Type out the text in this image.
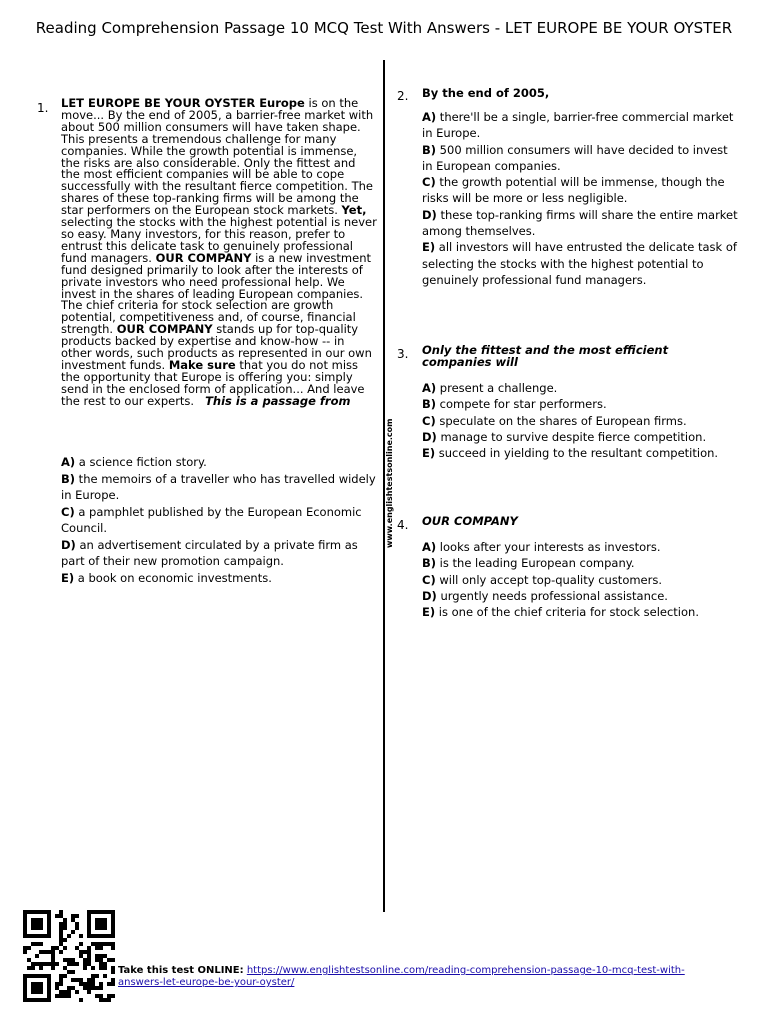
Reading Comprehension Passage 10 MCQ Test With Answers - LET EUROPE BE YOUR OYSTER
www.englishtestsonline.com
1. LET EUROPE BE YOUR OYSTER Europe is on the move... By the end of 2005, a barrier-free market with about 500 million consumers will have taken shape. This presents a tremendous challenge for many companies. While the growth potential is immense, the risks are also considerable. Only the fittest and the most efficient companies will be able to cope successfully with the resultant fierce competition. The shares of these top-ranking firms will be among the star performers on the European stock markets. Yet, selecting the stocks with the highest potential is never so easy. Many investors, for this reason, prefer to entrust this delicate task to genuinely professional fund managers. OUR COMPANY is a new investment fund designed primarily to look after the interests of private investors who need professional help. We invest in the shares of leading European companies. The chief criteria for stock selection are growth potential, competitiveness and, of course, financial strength. OUR COMPANY stands up for top-quality products backed by expertise and know-how -- in other words, such products as represented in our own investment funds. Make sure that you do not miss the opportunity that Europe is offering you: simply send in the enclosed form of application... And leave the rest to our experts. This is a passage from

A) a science fiction story.

B) the memoirs of a traveller who has travelled widely in Europe.

C) a pamphlet published by the European Economic Council.

D) an advertisement circulated by a private firm as part of their new promotion campaign.

E) a book on economic investments.

2. By the end of 2005,

A) there'll be a single, barrier-free commercial market in Europe.

B) 500 million consumers will have decided to invest in European companies.

C) the growth potential will be immense, though the risks will be more or less negligible.

D) these top-ranking firms will share the entire market among themselves.

E) all investors will have entrusted the delicate task of selecting the stocks with the highest potential to genuinely professional fund managers.

3. Only the fittest and the most efficient companies will

A) present a challenge.

B) compete for star performers.

C) speculate on the shares of European firms.

D) manage to survive despite fierce competition.

E) succeed in yielding to the resultant competition.

4. OUR COMPANY

A) looks after your interests as investors.

B) is the leading European company.

C) will only accept top-quality customers.

D) urgently needs professional assistance.

E) is one of the chief criteria for stock selection.

Take this test ONLINE: https://www.englishtestsonline.com/reading-comprehension-passage-10-mcq-test-with-answers-let-europe-be-your-oyster/
